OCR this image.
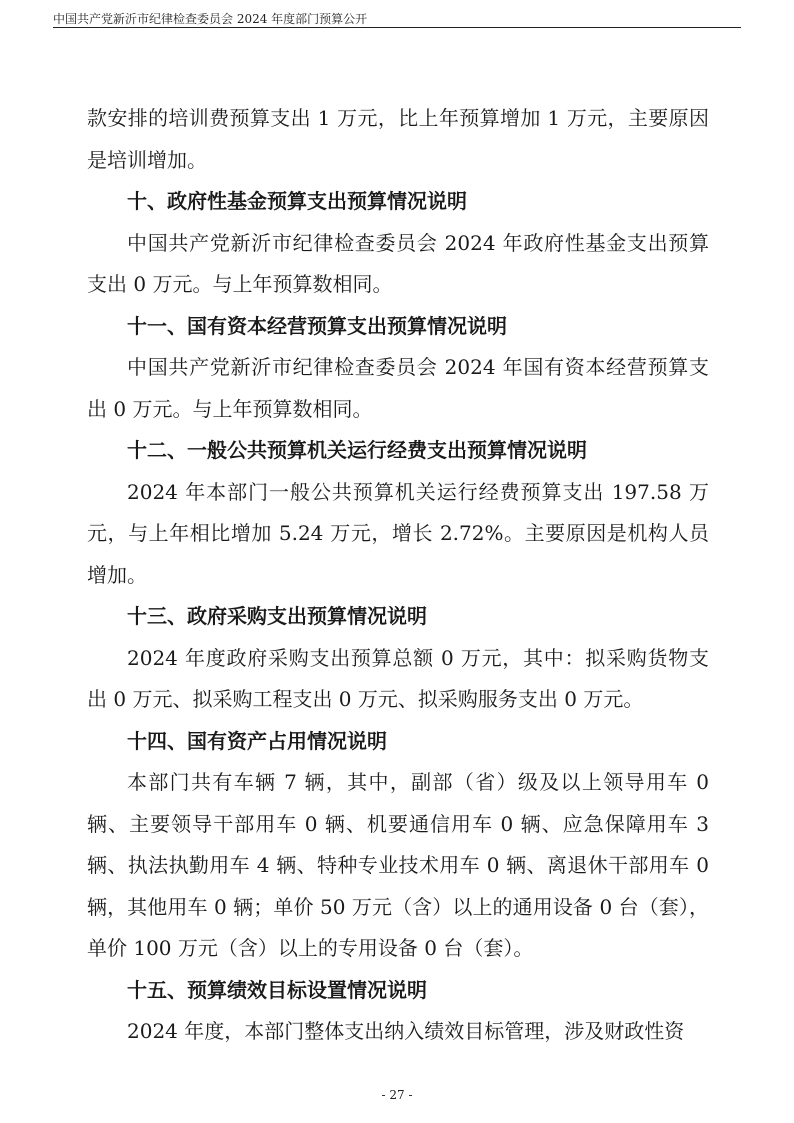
中国共产党新沂市纪律检查委员会 2024 年度部门预算公开

款安排的培训费预算支出 1 万元，比上年预算增加 1 万元，主要原因是培训增加。

十、政府性基金预算支出预算情况说明

中国共产党新沂市纪律检查委员会 2024 年政府性基金支出预算支出 0 万元。与上年预算数相同。

十一、国有资本经营预算支出预算情况说明

中国共产党新沂市纪律检查委员会 2024 年国有资本经营预算支出 0 万元。与上年预算数相同。

十二、一般公共预算机关运行经费支出预算情况说明

2024 年本部门一般公共预算机关运行经费预算支出 197.58 万元，与上年相比增加 5.24 万元，增长 2.72%。主要原因是机构人员增加。

十三、政府采购支出预算情况说明

2024 年度政府采购支出预算总额 0 万元，其中：拟采购货物支出 0 万元、拟采购工程支出 0 万元、拟采购服务支出 0 万元。

十四、国有资产占用情况说明

本部门共有车辆 7 辆，其中，副部（省）级及以上领导用车 0 辆、主要领导干部用车 0 辆、机要通信用车 0 辆、应急保障用车 3 辆、执法执勤用车 4 辆、特种专业技术用车 0 辆、离退休干部用车 0 辆，其他用车 0 辆；单价 50 万元（含）以上的通用设备 0 台（套），单价 100 万元（含）以上的专用设备 0 台（套）。

十五、预算绩效目标设置情况说明

2024 年度，本部门整体支出纳入绩效目标管理，涉及财政性资

- 27 -
